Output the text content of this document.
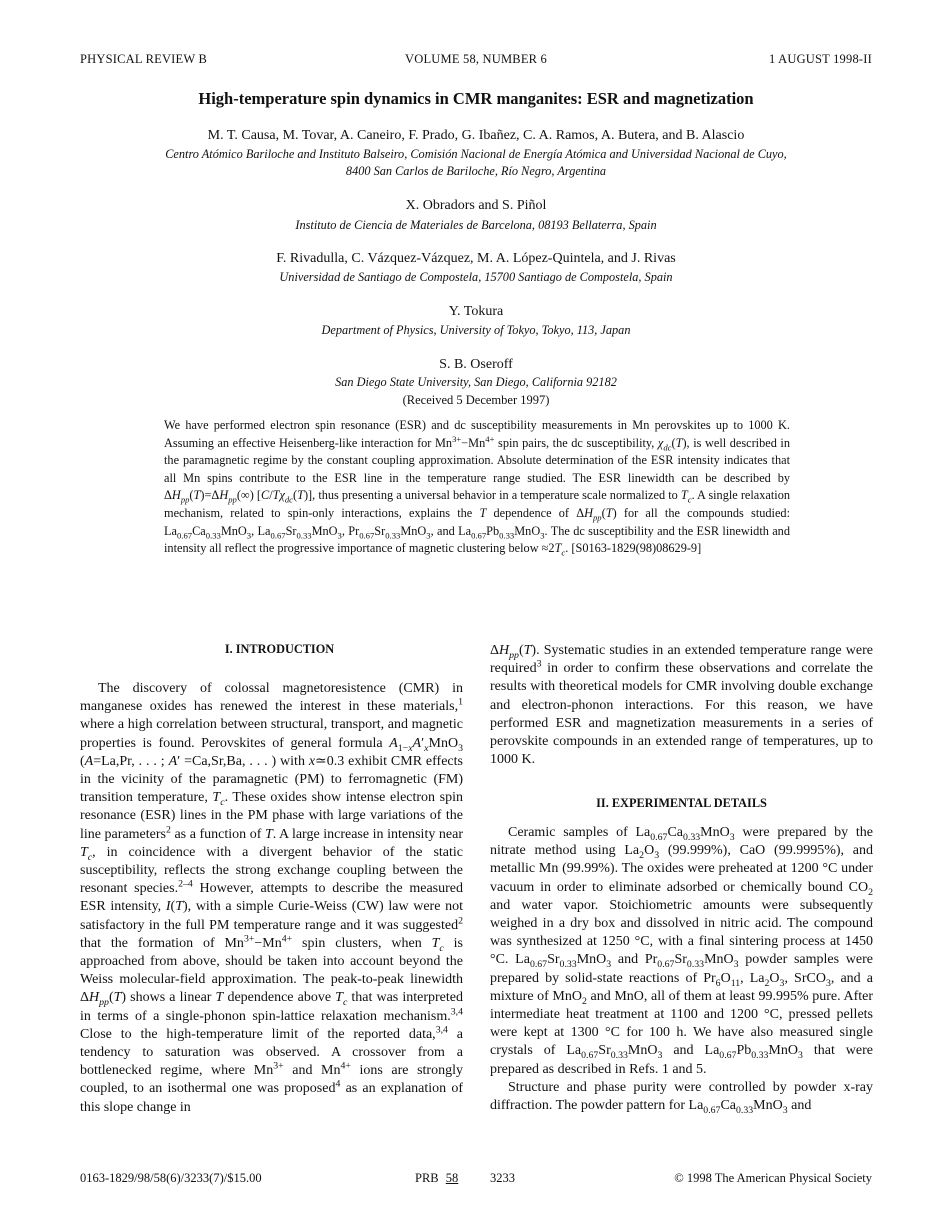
PHYSICAL REVIEW B	VOLUME 58, NUMBER 6	1 AUGUST 1998-II
High-temperature spin dynamics in CMR manganites: ESR and magnetization
M. T. Causa, M. Tovar, A. Caneiro, F. Prado, G. Ibañez, C. A. Ramos, A. Butera, and B. Alascio
Centro Atómico Bariloche and Instituto Balseiro, Comisión Nacional de Energía Atómica and Universidad Nacional de Cuyo,
8400 San Carlos de Bariloche, Río Negro, Argentina
X. Obradors and S. Piñol
Instituto de Ciencia de Materiales de Barcelona, 08193 Bellaterra, Spain
F. Rivadulla, C. Vázquez-Vázquez, M. A. López-Quintela, and J. Rivas
Universidad de Santiago de Compostela, 15700 Santiago de Compostela, Spain
Y. Tokura
Department of Physics, University of Tokyo, Tokyo, 113, Japan
S. B. Oseroff
San Diego State University, San Diego, California 92182
(Received 5 December 1997)
We have performed electron spin resonance (ESR) and dc susceptibility measurements in Mn perovskites up to 1000 K. Assuming an effective Heisenberg-like interaction for $Mn^{3+}-Mn^{4+}$ spin pairs, the dc susceptibility, $\chi_{dc}(T)$, is well described in the paramagnetic regime by the constant coupling approximation. Absolute determination of the ESR intensity indicates that all Mn spins contribute to the ESR line in the temperature range studied. The ESR linewidth can be described by $\Delta H_{pp}(T)=\Delta H_{pp}(\infty)$ $[C/T\chi_{dc}(T)]$, thus presenting a universal behavior in a temperature scale normalized to $T_c$. A single relaxation mechanism, related to spin-only interactions, explains the T dependence of $\Delta H_{pp}(T)$ for all the compounds studied: $La_{0.67}Ca_{0.33}MnO_3$, $La_{0.67}Sr_{0.33}MnO_3$, $Pr_{0.67}Sr_{0.33}MnO_3$, and $La_{0.67}Pb_{0.33}MnO_3$. The dc susceptibility and the ESR linewidth and intensity all reflect the progressive importance of magnetic clustering below $\approx 2T_c$. [S0163-1829(98)08629-9]
I. INTRODUCTION

The discovery of colossal magnetoresistence (CMR) in manganese oxides has renewed the interest in these materials,$^1$ where a high correlation between structural, transport, and magnetic properties is found. Perovskites of general formula $A_{1-x}A'_xMnO_3$ (A=La,Pr, . . . ; A′ =Ca,Sr,Ba, . . . ) with x≃0.3 exhibit CMR effects in the vicinity of the paramagnetic (PM) to ferromagnetic (FM) transition temperature, $T_c$. These oxides show intense electron spin resonance (ESR) lines in the PM phase with large variations of the line parameters$^2$ as a function of T. A large increase in intensity near $T_c$, in coincidence with a divergent behavior of the static susceptibility, reflects the strong exchange coupling between the resonant species.$^{2-4}$ However, attempts to describe the measured ESR intensity, I(T), with a simple Curie-Weiss (CW) law were not satisfactory in the full PM temperature range and it was suggested$^2$ that the formation of $Mn^{3+}-Mn^{4+}$ spin clusters, when $T_c$ is approached from above, should be taken into account beyond the Weiss molecular-field approximation. The peak-to-peak linewidth $\Delta H_{pp}(T)$ shows a linear T dependence above $T_c$ that was interpreted in terms of a single-phonon spin-lattice relaxation mechanism.$^{3,4}$ Close to the high-temperature limit of the reported data,$^{3,4}$ a tendency to saturation was observed. A crossover from a bottlenecked regime, where $Mn^{3+}$ and $Mn^{4+}$ ions are strongly coupled, to an isothermal one was proposed$^4$ as an explanation of this slope change in

$\Delta H_{pp}(T)$. Systematic studies in an extended temperature range were required$^3$ in order to confirm these observations and correlate the results with theoretical models for CMR involving double exchange and electron-phonon interactions. For this reason, we have performed ESR and magnetization measurements in a series of perovskite compounds in an extended range of temperatures, up to 1000 K.

II. EXPERIMENTAL DETAILS

Ceramic samples of $La_{0.67}Ca_{0.33}MnO_3$ were prepared by the nitrate method using $La_2O_3$ (99.999%), CaO (99.9995%), and metallic Mn (99.99%). The oxides were preheated at 1200 °C under vacuum in order to eliminate adsorbed or chemically bound $CO_2$ and water vapor. Stoichiometric amounts were subsequently weighed in a dry box and dissolved in nitric acid. The compound was synthesized at 1250 °C, with a final sintering process at 1450 °C. $La_{0.67}Sr_{0.33}MnO_3$ and $Pr_{0.67}Sr_{0.33}MnO_3$ powder samples were prepared by solid-state reactions of $Pr_6O_{11}$, $La_2O_3$, SrCO$_3$, and a mixture of MnO$_2$ and MnO, all of them at least 99.995% pure. After intermediate heat treatment at 1100 and 1200 °C, pressed pellets were kept at 1300 °C for 100 h. We have also measured single crystals of $La_{0.67}Sr_{0.33}MnO_3$ and $La_{0.67}Pb_{0.33}MnO_3$ that were prepared as described in Refs. 1 and 5.

Structure and phase purity were controlled by powder x-ray diffraction. The powder pattern for $La_{0.67}Ca_{0.33}MnO_3$ and

0163-1829/98/58(6)/3233(7)/$15.00	PRB 58	3233	© 1998 The American Physical Society
